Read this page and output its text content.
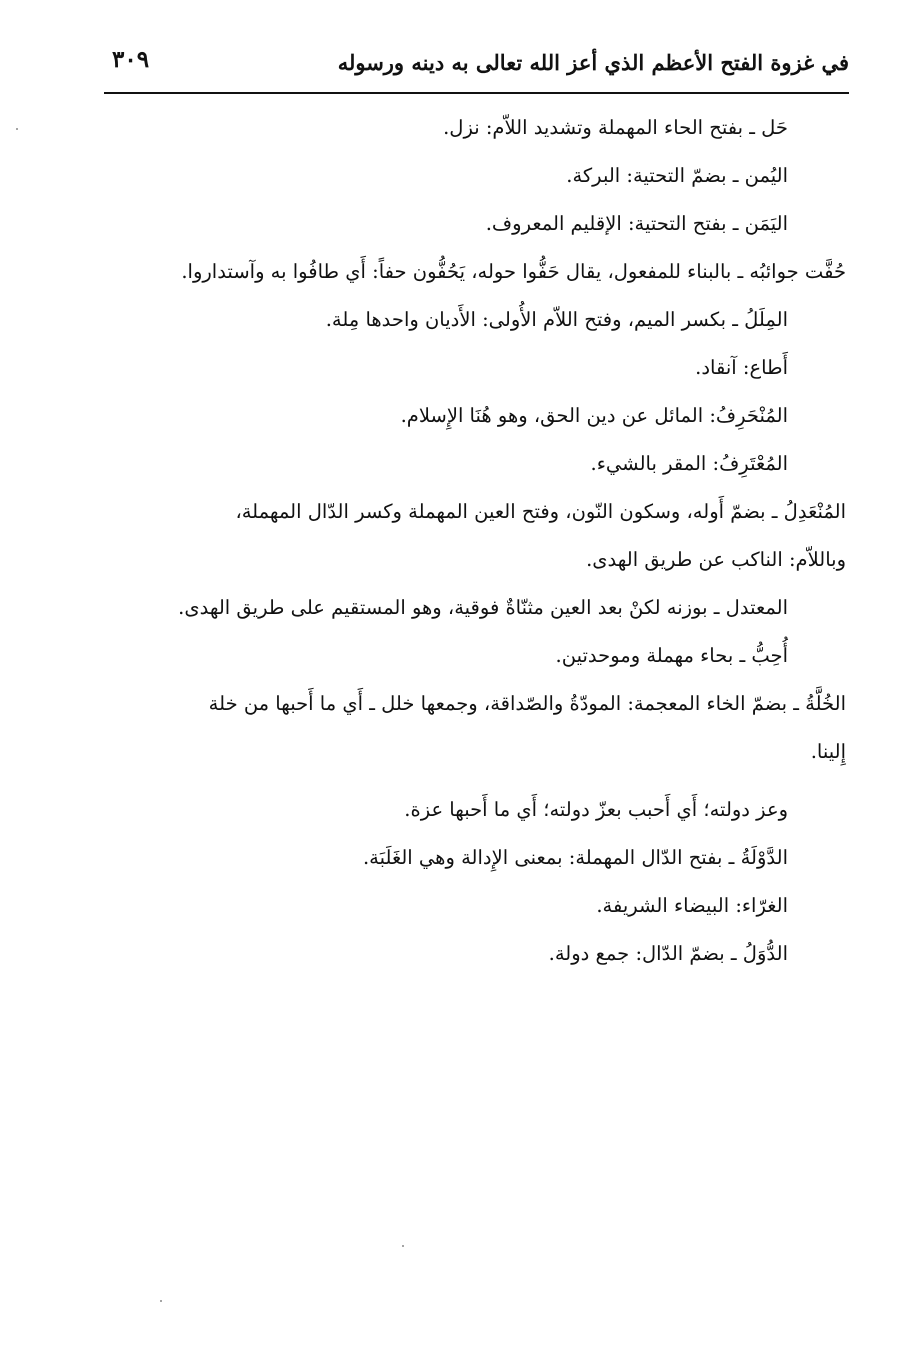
في غزوة الفتح الأعظم الذي أعز الله تعالى به دينه ورسوله
٣٠٩

حَل ـ بفتح الحاء المهملة وتشديد اللاّم: نزل.

اليُمن ـ بضمّ التحتية: البركة.

اليَمَن ـ بفتح التحتية: الإقليم المعروف.

حُفَّت جوائبُه ـ بالبناء للمفعول، يقال حَفُّوا حوله، يَحُفُّون حفاً: أَي طافُوا به وآستداروا.

المِلَلُ ـ بكسر الميم، وفتح اللاّم الأُولى: الأَديان واحدها مِلة.

أَطاع: آنقاد.

المُنْحَرِفُ: المائل عن دين الحق، وهو هُنَا الإِسلام.

المُعْتَرِفُ: المقر بالشيء.

المُنْعَدِلُ ـ بضمّ أَوله، وسكون النّون، وفتح العين المهملة وكسر الدّال المهملة،

وباللاّم: الناكب عن طريق الهدى.

المعتدل ـ بوزنه لكنْ بعد العين مثنّاةٌ فوقية، وهو المستقيم على طريق الهدى.

أُحِبُّ ـ بحاء مهملة وموحدتين.

الخُلَّةُ ـ بضمّ الخاء المعجمة: المودّةُ والصّداقة، وجمعها خلل ـ أَي ما أَحبها من خلة

إِلينا.

وعز دولته؛ أَي أَحبب بعزّ دولته؛ أَي ما أَحبها عزة.

الدَّوْلَةُ ـ بفتح الدّال المهملة: بمعنى الإِدالة وهي الغَلَبَة.

الغرّاء: البيضاء الشريفة.

الدُّوَلُ ـ بضمّ الدّال: جمع دولة.
